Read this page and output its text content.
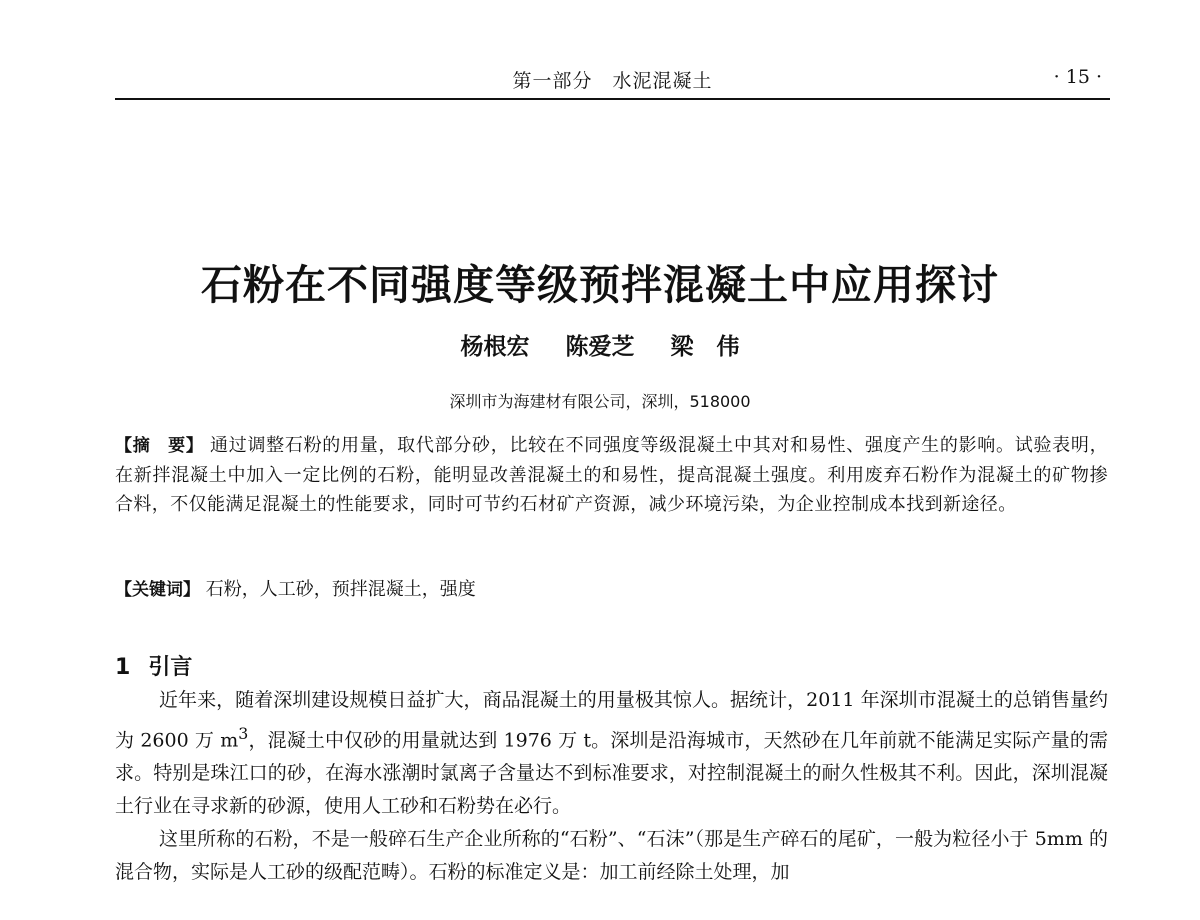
第一部分　水泥混凝土	· 15 ·
石粉在不同强度等级预拌混凝土中应用探讨
杨根宏 陈爱芝 梁　伟
深圳市为海建材有限公司，深圳，518000
【摘　要】 通过调整石粉的用量，取代部分砂，比较在不同强度等级混凝土中其对和易性、强度产生的影响。试验表明，在新拌混凝土中加入一定比例的石粉，能明显改善混凝土的和易性，提高混凝土强度。利用废弃石粉作为混凝土的矿物掺合料，不仅能满足混凝土的性能要求，同时可节约石材矿产资源，减少环境污染，为企业控制成本找到新途径。
【关键词】 石粉，人工砂，预拌混凝土，强度
1 引言

近年来，随着深圳建设规模日益扩大，商品混凝土的用量极其惊人。据统计，2011 年深圳市混凝土的总销售量约为 2600 万 $m^3$，混凝土中仅砂的用量就达到 1976 万 t。深圳是沿海城市，天然砂在几年前就不能满足实际产量的需求。特别是珠江口的砂，在海水涨潮时氯离子含量达不到标准要求，对控制混凝土的耐久性极其不利。因此，深圳混凝土行业在寻求新的砂源，使用人工砂和石粉势在必行。

这里所称的石粉，不是一般碎石生产企业所称的“石粉”、“石沫”（那是生产碎石的尾矿，一般为粒径小于 5mm 的混合物，实际是人工砂的级配范畴）。石粉的标准定义是：加工前经除土处理，加
